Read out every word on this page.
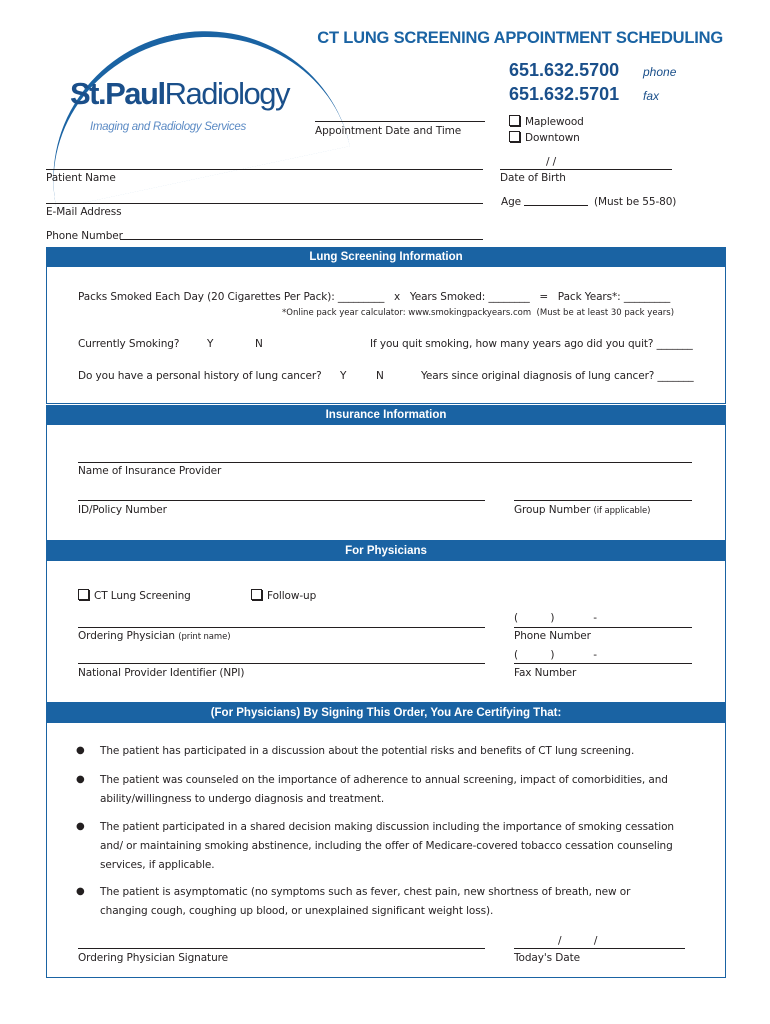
St.PaulRadiology
Imaging and Radiology Services
CT LUNG SCREENING APPOINTMENT SCHEDULING
651.632.5700 phone
651.632.5701 fax
Appointment Date and Time
Maplewood
Downtown
Patient Name
/ /
Date of Birth
E-Mail Address
Age	(Must be 55-80)
Phone Number
Lung Screening Information
Packs Smoked Each Day (20 Cigarettes Per Pack): _________   x   Years Smoked: ________   =   Pack Years*: _________
*Online pack year calculator: www.smokingpackyears.com  (Must be at least 30 pack years)
Currently Smoking?	Y	N	If you quit smoking, how many years ago did you quit? _______
Do you have a personal history of lung cancer? Y	N	Years since original diagnosis of lung cancer? _______
Insurance Information
Name of Insurance Provider
ID/Policy Number	Group Number (if applicable)
For Physicians
CT Lung Screening	Follow-up
(          )            -
Ordering Physician (print name)	Phone Number
(          )            -
National Provider Identifier (NPI)	Fax Number
(For Physicians) By Signing This Order, You Are Certifying That:
● The patient has participated in a discussion about the potential risks and benefits of CT lung screening.
● The patient was counseled on the importance of adherence to annual screening, impact of comorbidities, and ability/willingness to undergo diagnosis and treatment.
● The patient participated in a shared decision making discussion including the importance of smoking cessation and/ or maintaining smoking abstinence, including the offer of Medicare-covered tobacco cessation counseling services, if applicable.
● The patient is asymptomatic (no symptoms such as fever, chest pain, new shortness of breath, new or changing cough, coughing up blood, or unexplained significant weight loss).
Ordering Physician Signature
/          /
Today's Date
